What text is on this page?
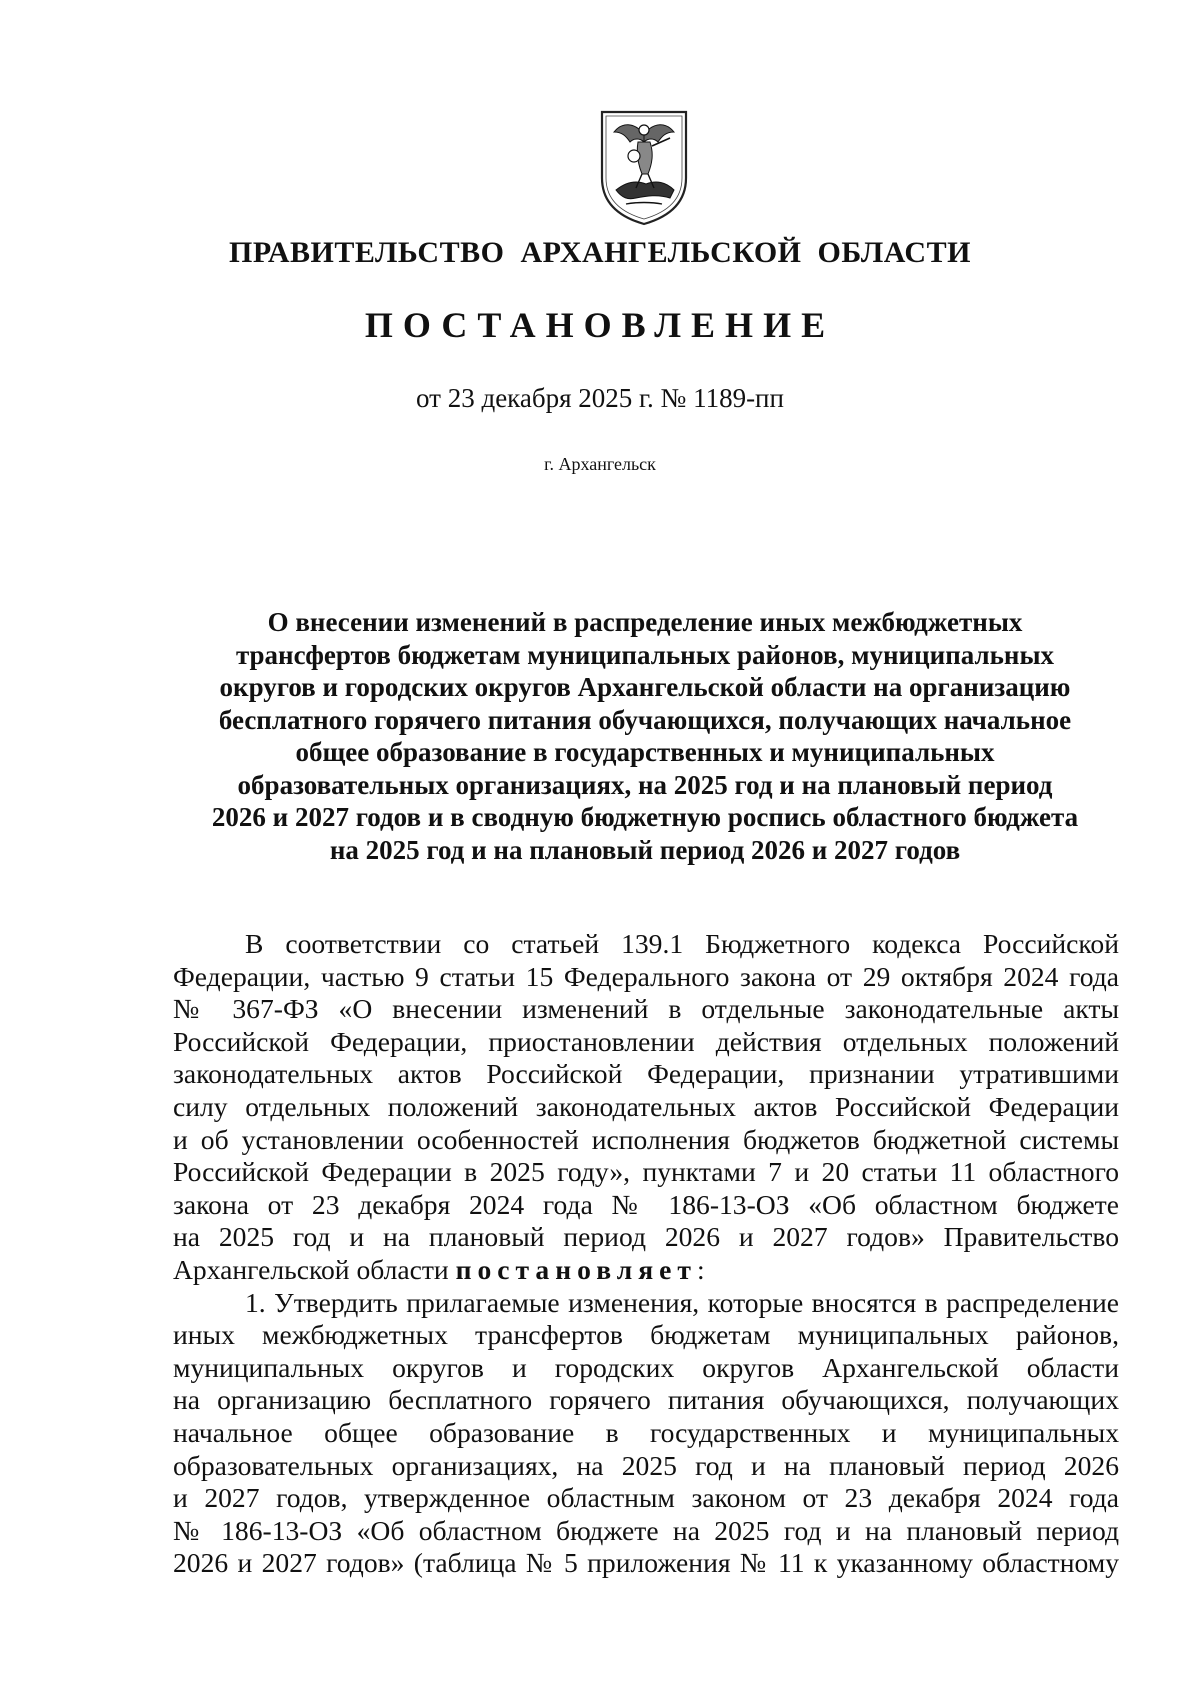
ПРАВИТЕЛЬСТВО АРХАНГЕЛЬСКОЙ ОБЛАСТИ
ПОСТАНОВЛЕНИЕ
от 23 декабря 2025 г. № 1189-пп
г. Архангельск
О внесении изменений в распределение иных межбюджетных
трансфертов бюджетам муниципальных районов, муниципальных
округов и городских округов Архангельской области на организацию
бесплатного горячего питания обучающихся, получающих начальное
общее образование в государственных и муниципальных
образовательных организациях, на 2025 год и на плановый период
2026 и 2027 годов и в сводную бюджетную роспись областного бюджета
на 2025 год и на плановый период 2026 и 2027 годов
В соответствии со статьей 139.1 Бюджетного кодекса Российской
Федерации, частью 9 статьи 15 Федерального закона от 29 октября 2024 года
№ 367-ФЗ «О внесении изменений в отдельные законодательные акты
Российской Федерации, приостановлении действия отдельных положений
законодательных актов Российской Федерации, признании утратившими
силу отдельных положений законодательных актов Российской Федерации
и об установлении особенностей исполнения бюджетов бюджетной системы
Российской Федерации в 2025 году», пунктами 7 и 20 статьи 11 областного
закона от 23 декабря 2024 года № 186-13-ОЗ «Об областном бюджете
на 2025 год и на плановый период 2026 и 2027 годов» Правительство
Архангельской области постановляет:
1. Утвердить прилагаемые изменения, которые вносятся в распределение
иных межбюджетных трансфертов бюджетам муниципальных районов,
муниципальных округов и городских округов Архангельской области
на организацию бесплатного горячего питания обучающихся, получающих
начальное общее образование в государственных и муниципальных
образовательных организациях, на 2025 год и на плановый период 2026
и 2027 годов, утвержденное областным законом от 23 декабря 2024 года
№ 186-13-ОЗ «Об областном бюджете на 2025 год и на плановый период
2026 и 2027 годов» (таблица № 5 приложения № 11 к указанному областному
